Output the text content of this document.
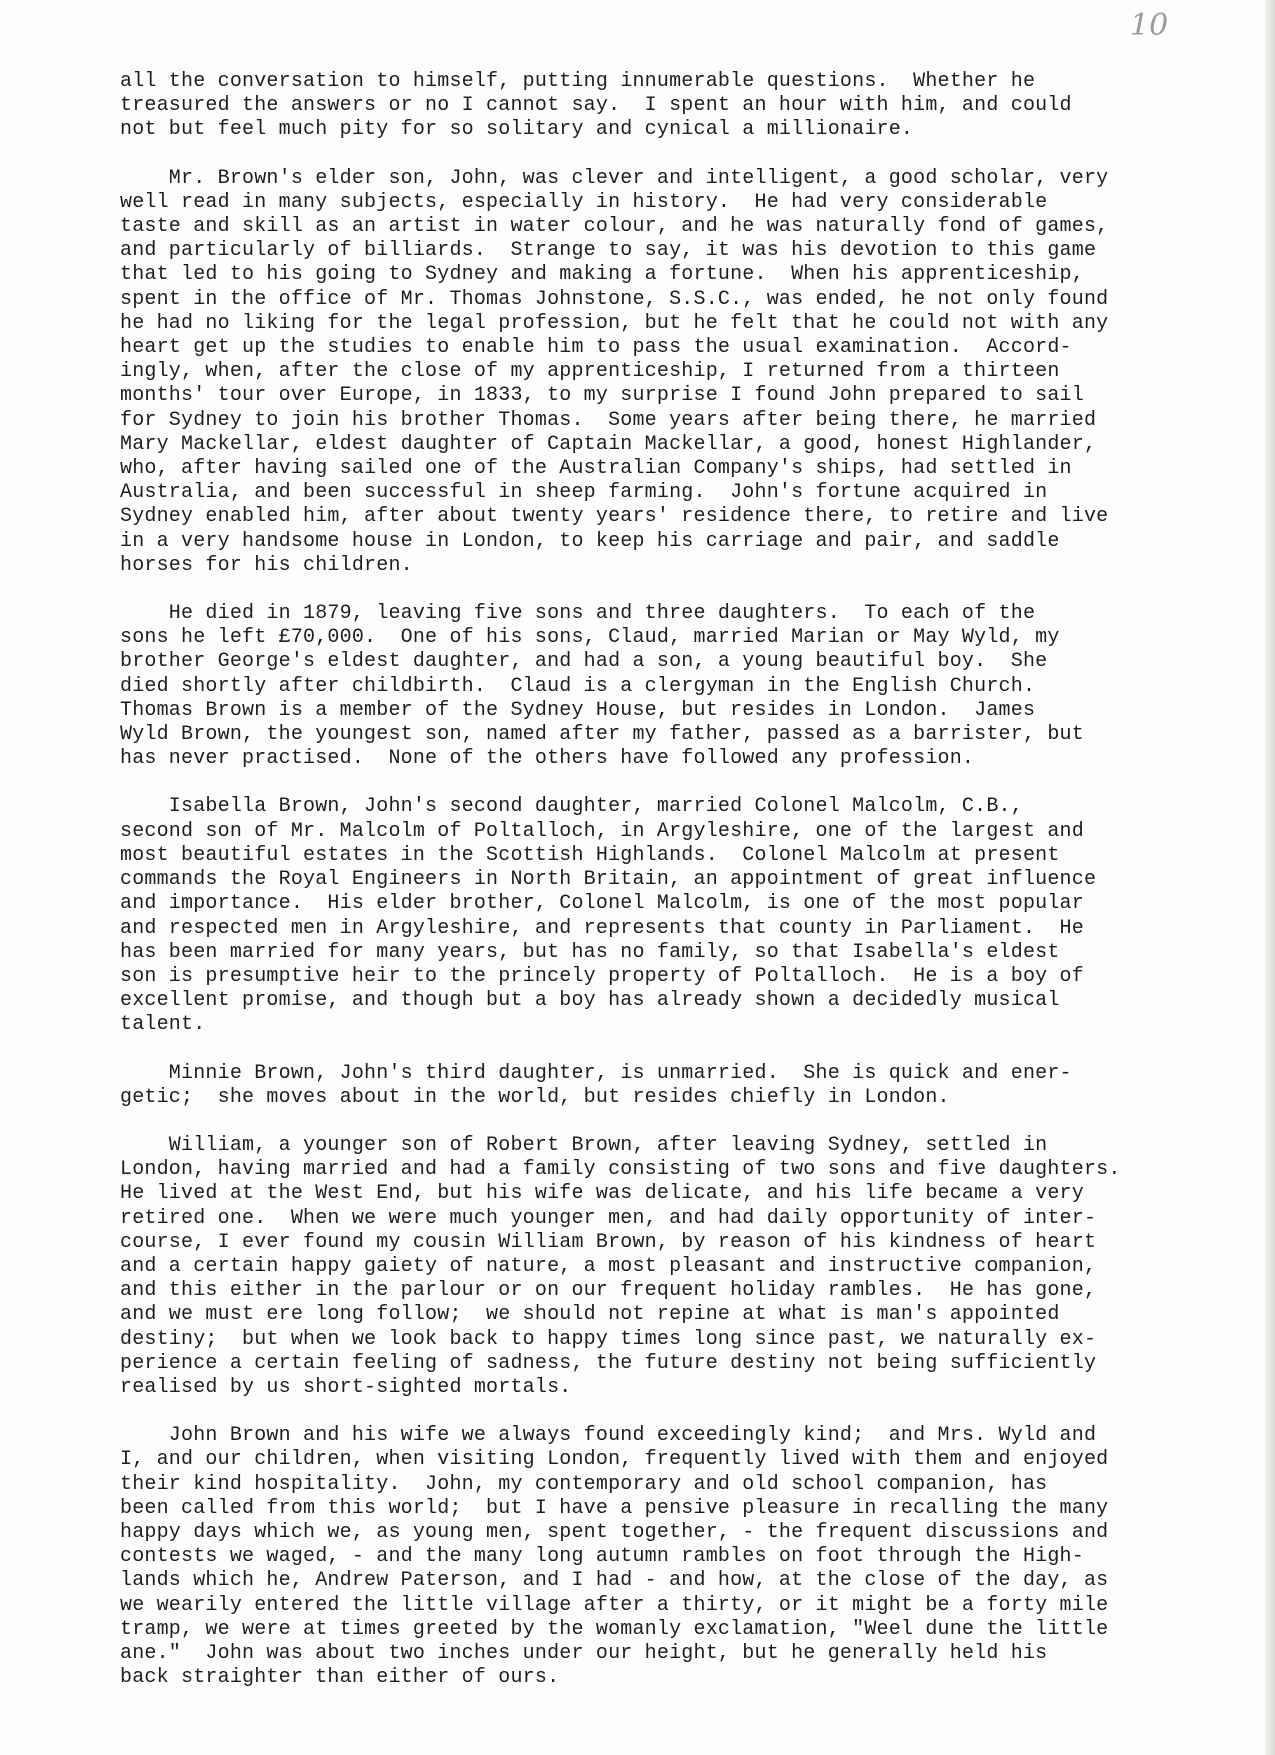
10
all the conversation to himself, putting innumerable questions.  Whether he
treasured the answers or no I cannot say.  I spent an hour with him, and could
not but feel much pity for so solitary and cynical a millionaire.
Mr. Brown's elder son, John, was clever and intelligent, a good scholar, very
well read in many subjects, especially in history.  He had very considerable
taste and skill as an artist in water colour, and he was naturally fond of games,
and particularly of billiards.  Strange to say, it was his devotion to this game
that led to his going to Sydney and making a fortune.  When his apprenticeship,
spent in the office of Mr. Thomas Johnstone, S.S.C., was ended, he not only found
he had no liking for the legal profession, but he felt that he could not with any
heart get up the studies to enable him to pass the usual examination.  Accord-
ingly, when, after the close of my apprenticeship, I returned from a thirteen
months' tour over Europe, in 1833, to my surprise I found John prepared to sail
for Sydney to join his brother Thomas.  Some years after being there, he married
Mary Mackellar, eldest daughter of Captain Mackellar, a good, honest Highlander,
who, after having sailed one of the Australian Company's ships, had settled in
Australia, and been successful in sheep farming.  John's fortune acquired in
Sydney enabled him, after about twenty years' residence there, to retire and live
in a very handsome house in London, to keep his carriage and pair, and saddle
horses for his children.
He died in 1879, leaving five sons and three daughters.  To each of the
sons he left £70,000.  One of his sons, Claud, married Marian or May Wyld, my
brother George's eldest daughter, and had a son, a young beautiful boy.  She
died shortly after childbirth.  Claud is a clergyman in the English Church.
Thomas Brown is a member of the Sydney House, but resides in London.  James
Wyld Brown, the youngest son, named after my father, passed as a barrister, but
has never practised.  None of the others have followed any profession.
Isabella Brown, John's second daughter, married Colonel Malcolm, C.B.,
second son of Mr. Malcolm of Poltalloch, in Argyleshire, one of the largest and
most beautiful estates in the Scottish Highlands.  Colonel Malcolm at present
commands the Royal Engineers in North Britain, an appointment of great influence
and importance.  His elder brother, Colonel Malcolm, is one of the most popular
and respected men in Argyleshire, and represents that county in Parliament.  He
has been married for many years, but has no family, so that Isabella's eldest
son is presumptive heir to the princely property of Poltalloch.  He is a boy of
excellent promise, and though but a boy has already shown a decidedly musical
talent.
Minnie Brown, John's third daughter, is unmarried.  She is quick and ener-
getic;  she moves about in the world, but resides chiefly in London.
William, a younger son of Robert Brown, after leaving Sydney, settled in
London, having married and had a family consisting of two sons and five daughters.
He lived at the West End, but his wife was delicate, and his life became a very
retired one.  When we were much younger men, and had daily opportunity of inter-
course, I ever found my cousin William Brown, by reason of his kindness of heart
and a certain happy gaiety of nature, a most pleasant and instructive companion,
and this either in the parlour or on our frequent holiday rambles.  He has gone,
and we must ere long follow;  we should not repine at what is man's appointed
destiny;  but when we look back to happy times long since past, we naturally ex-
perience a certain feeling of sadness, the future destiny not being sufficiently
realised by us short-sighted mortals.
John Brown and his wife we always found exceedingly kind;  and Mrs. Wyld and
I, and our children, when visiting London, frequently lived with them and enjoyed
their kind hospitality.  John, my contemporary and old school companion, has
been called from this world;  but I have a pensive pleasure in recalling the many
happy days which we, as young men, spent together, - the frequent discussions and
contests we waged, - and the many long autumn rambles on foot through the High-
lands which he, Andrew Paterson, and I had - and how, at the close of the day, as
we wearily entered the little village after a thirty, or it might be a forty mile
tramp, we were at times greeted by the womanly exclamation, "Weel dune the little
ane."  John was about two inches under our height, but he generally held his
back straighter than either of ours.
